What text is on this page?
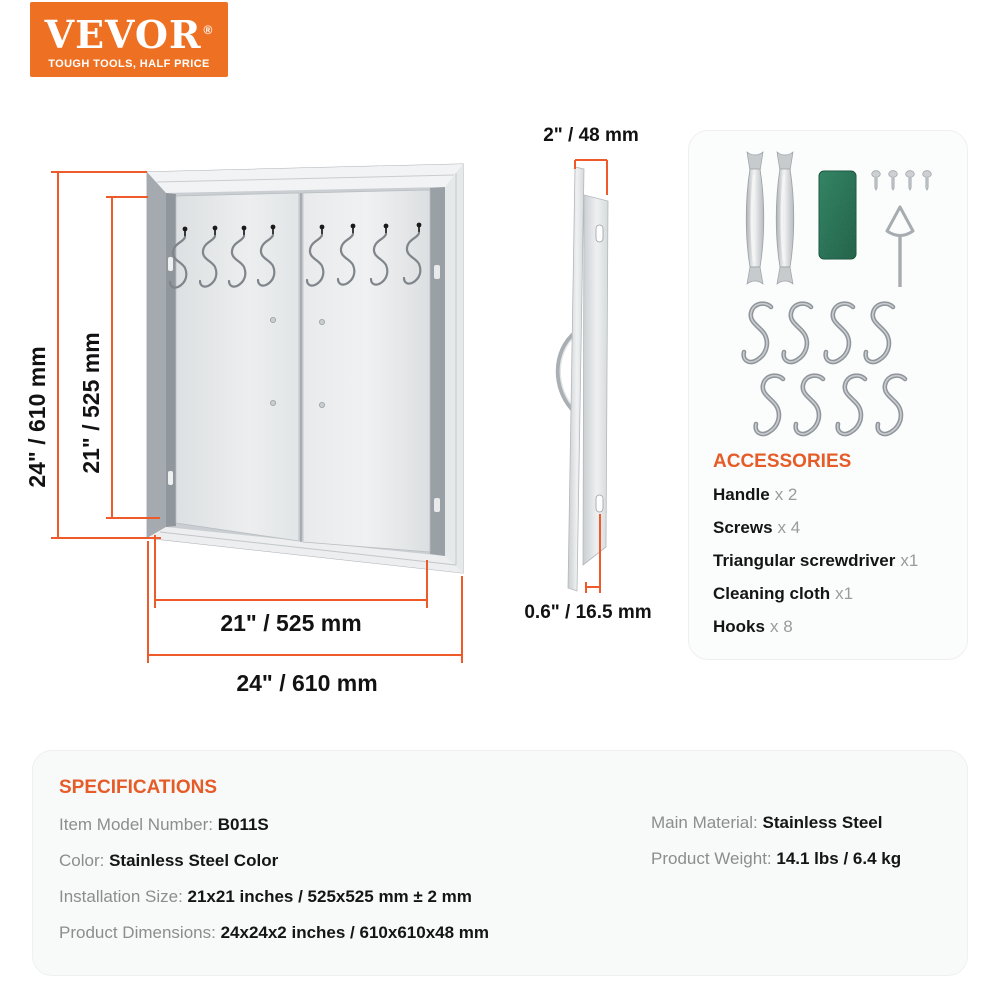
VEVOR ®
TOUGH TOOLS, HALF PRICE
24" / 610 mm 21" / 525 mm
21" / 525 mm
24" / 610 mm
2" / 48 mm
0.6" / 16.5 mm
ACCESSORIES
Handle x 2
Screws x 4
Triangular screwdriver x1
Cleaning cloth x1
Hooks x 8
SPECIFICATIONS
Item Model Number: B011S
Color: Stainless Steel Color
Installation Size: 21x21 inches / 525x525 mm ± 2 mm
Product Dimensions: 24x24x2 inches / 610x610x48 mm
Main Material: Stainless Steel
Product Weight: 14.1 lbs / 6.4 kg
